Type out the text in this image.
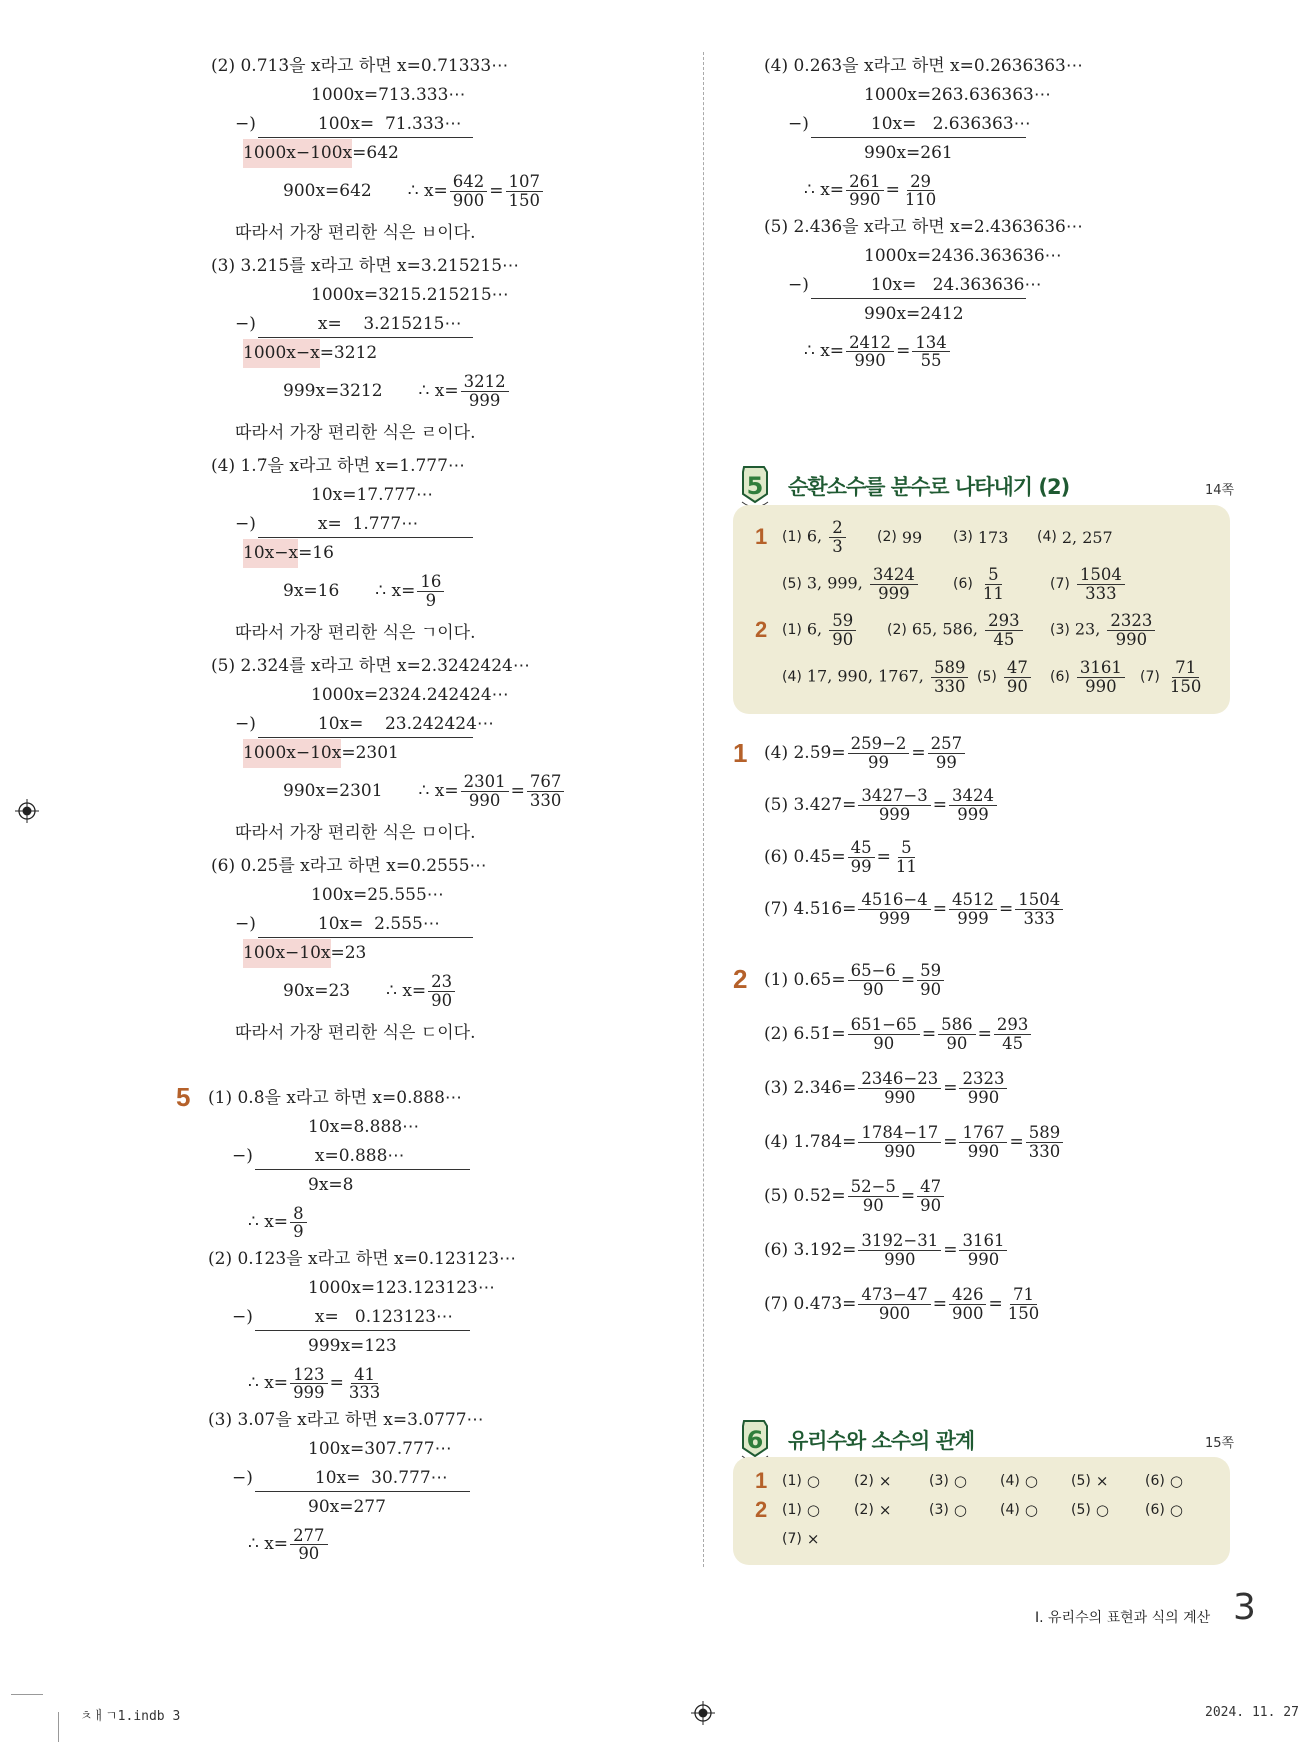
(2) 0.713̇을 x라고 하면 x=0.71333⋯
1000x=713.333⋯
−)	100x=  71.333⋯
1000x−100x =642
900x=642 ∴ $x= \frac{642}{900} = \frac{107}{150}$
따라서 가장 편리한 식은 ㅂ이다.
(3) 3.2̇15̇를 x라고 하면 x=3.215215⋯
1000x=3215.215215⋯
−)	x=    3.215215⋯
1000x−x =3212
999x=3212 ∴ $x= \frac{3212}{999}$
따라서 가장 편리한 식은 ㄹ이다.
(4) 1.7̇을 x라고 하면 x=1.777⋯
10x=17.777⋯
−)	x=  1.777⋯
10x−x =16
9x=16 ∴ $x= \frac{16}{9}$
따라서 가장 편리한 식은 ㄱ이다.
(5) 2.32̇4̇를 x라고 하면 x=2.3242424⋯
1000x=2324.242424⋯
−)	10x=    23.242424⋯
1000x−10x =2301
990x=2301 ∴ $x= \frac{2301}{990} = \frac{767}{330}$
따라서 가장 편리한 식은 ㅁ이다.
(6) 0.25̇를 x라고 하면 x=0.2555⋯
100x=25.555⋯
−)	10x=  2.555⋯
100x−10x =23
90x=23 ∴ $x= \frac{23}{90}$
따라서 가장 편리한 식은 ㄷ이다.
5 (1) 0.8̇을 x라고 하면 x=0.888⋯
10x=8.888⋯
−)	x=0.888⋯
9x=8
∴ $x= \frac{8}{9}$
(2) 0.1̇23̇을 x라고 하면 x=0.123123⋯
1000x=123.123123⋯
−)	x=   0.123123⋯
999x=123
∴ $x= \frac{123}{999} = \frac{41}{333}$
(3) 3.07̇을 x라고 하면 x=3.0777⋯
100x=307.777⋯
−)	10x=  30.777⋯
90x=277
∴ $x= \frac{277}{90}$
(4) 0.26̇3̇을 x라고 하면 x=0.2636363⋯
1000x=263.636363⋯
−)	10x=   2.636363⋯
990x=261
∴ $x= \frac{261}{990} = \frac{29}{110}$
(5) 2.43̇6̇을 x라고 하면 x=2.4363636⋯
1000x=2436.363636⋯
−)	10x=   24.363636⋯
990x=2412
∴ $x= \frac{2412}{990} = \frac{134}{55}$
5 순환소수를 분수로 나타내기 (2)	14쪽
1 (1) 6, $\frac{2}{3} (2)$ 99 (3) 173 (4) 2, 257
(5) 3, 999, $\frac{3424}{999}$	$(6) \frac{5}{11}$	$(7) \frac{1504}{333}$
2 (1) 6, $\frac{59}{90} (2)$ 65, 586, $\frac{293}{45} (3)$ 23, $\frac{2323}{990}$
(4) 17, 990, 1767, $\frac{589}{330} (5) \frac{47}{90} (6) \frac{3161}{990} (7) \frac{71}{150}$
1 (4) 2.5̇9̇= $\frac{259-2}{99} = \frac{257}{99}$
(5) 3.4̇27̇= $\frac{3427-3}{999} = \frac{3424}{999}$
(6) 0.4̇5̇= $\frac{45}{99} = \frac{5}{11}$
(7) 4.5̇16̇= $\frac{4516-4}{999} = \frac{4512}{999} = \frac{1504}{333}$
2 (1) 0.65̇= $\frac{65-6}{90} = \frac{59}{90}$
(2) 6.51̇= $\frac{651-65}{90} = \frac{586}{90} = \frac{293}{45}$
(3) 2.34̇6̇= $\frac{2346-23}{990} = \frac{2323}{990}$
(4) 1.78̇4̇= $\frac{1784-17}{990} = \frac{1767}{990} = \frac{589}{330}$
(5) 0.52̇= $\frac{52-5}{90} = \frac{47}{90}$
(6) 3.19̇2̇= $\frac{3192-31}{990} = \frac{3161}{990}$
(7) 0.473̇= $\frac{473-47}{900} = \frac{426}{900} = \frac{71}{150}$
6 유리수와 소수의 관계	15쪽
1 (1) ○ (2) ×	(3) ○ (4) ○ (5) ×	(6) ○
2 (1) ○ (2) ×	(3) ○ (4) ○ (5) ○	(6) ○
(7) ×
Ⅰ. 유리수의 표현과 식의 계산 3
ㅊㅐㄱ1.indb 3	2024. 11. 27
